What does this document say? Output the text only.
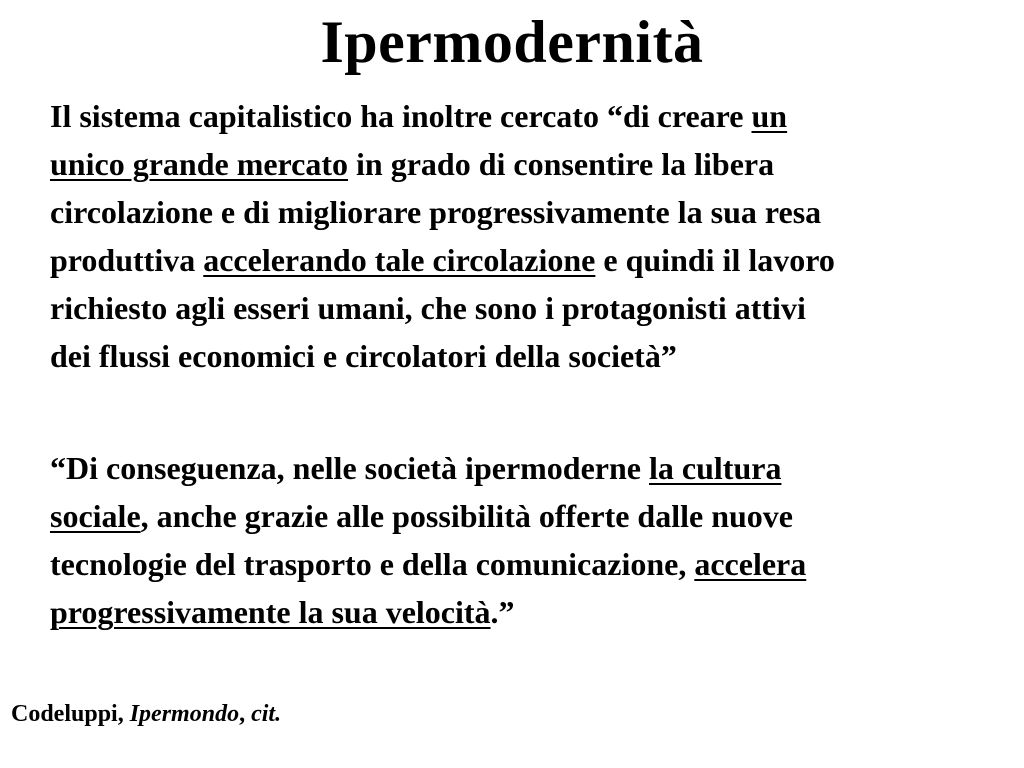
Ipermodernità

Il sistema capitalistico ha inoltre cercato “di creare un
unico grande mercato in grado di consentire la libera
circolazione e di migliorare progressivamente la sua resa
produttiva accelerando tale circolazione e quindi il lavoro
richiesto agli esseri umani, che sono i protagonisti attivi
dei flussi economici e circolatori della società”

“Di conseguenza, nelle società ipermoderne la cultura
sociale, anche grazie alle possibilità offerte dalle nuove
tecnologie del trasporto e della comunicazione, accelera
progressivamente la sua velocità.”

Codeluppi, Ipermondo, cit.
